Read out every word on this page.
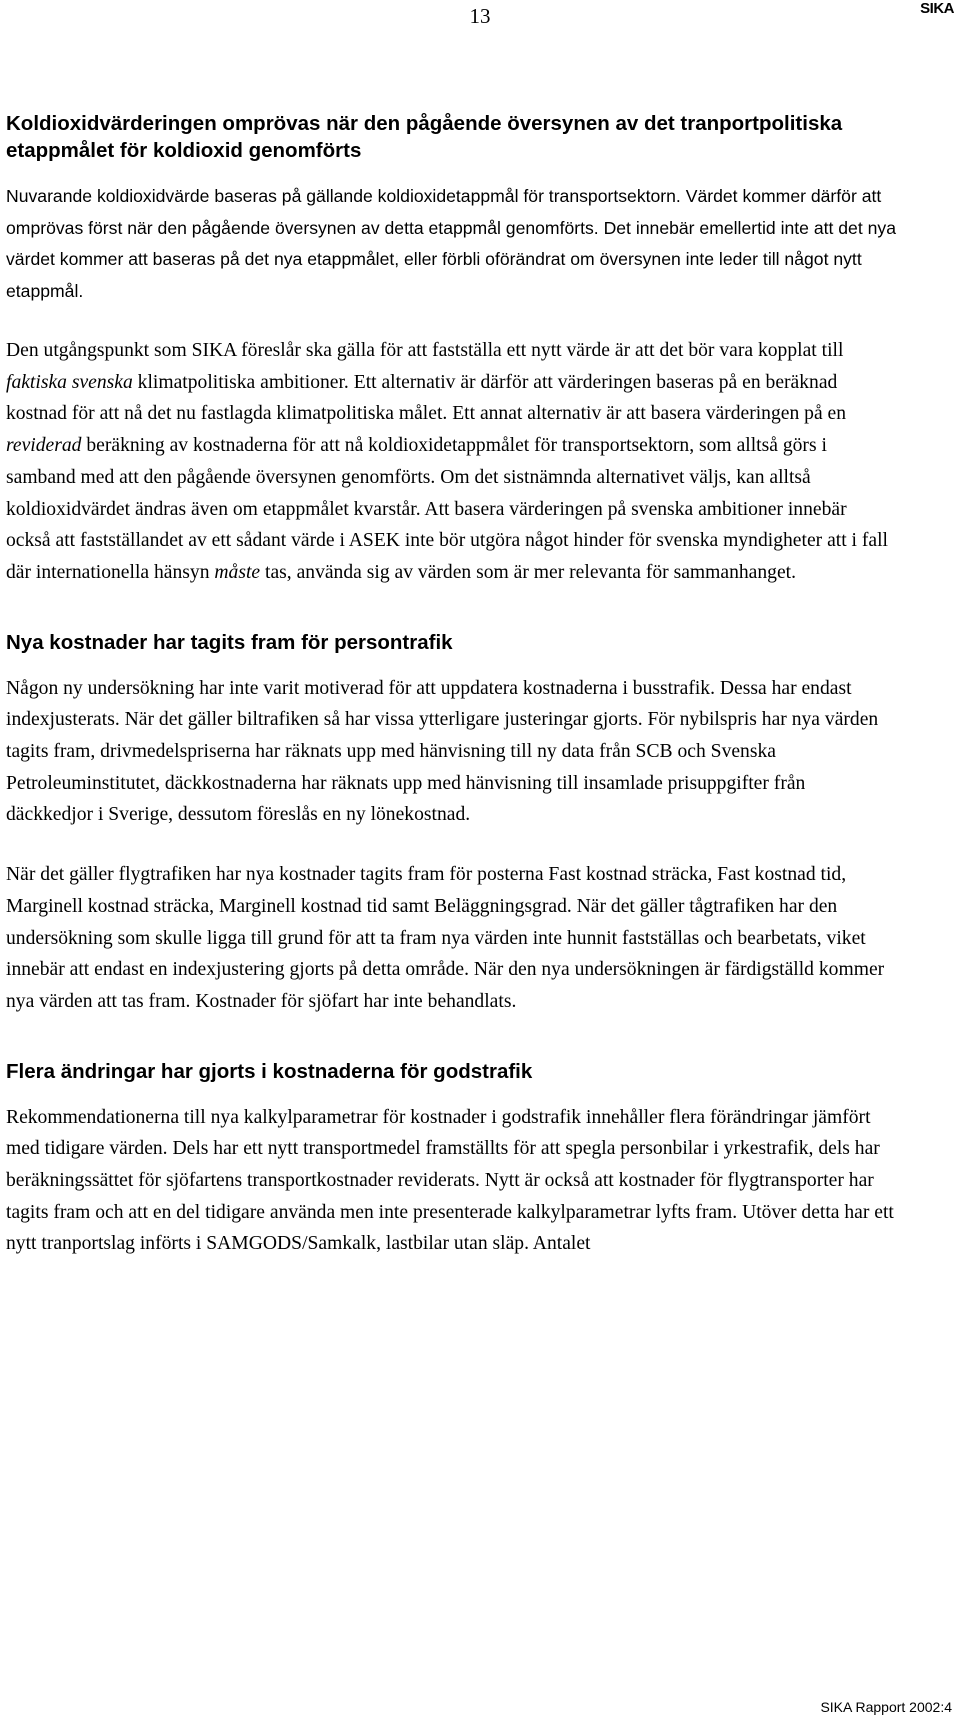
13	SIKA
Koldioxidvärderingen omprövas när den pågående översynen av det tranportpolitiska etappmålet för koldioxid genomförts

Nuvarande koldioxidvärde baseras på gällande koldioxidetappmål för transportsektorn. Värdet kommer därför att omprövas först när den pågående översynen av detta etappmål genomförts. Det innebär emellertid inte att det nya värdet kommer att baseras på det nya etappmålet, eller förbli oförändrat om översynen inte leder till något nytt etappmål.

Den utgångspunkt som SIKA föreslår ska gälla för att fastställa ett nytt värde är att det bör vara kopplat till faktiska svenska klimatpolitiska ambitioner. Ett alternativ är därför att värderingen baseras på en beräknad kostnad för att nå det nu fastlagda klimatpolitiska målet. Ett annat alternativ är att basera värderingen på en reviderad beräkning av kostnaderna för att nå koldioxidetappmålet för transportsektorn, som alltså görs i samband med att den pågående översynen genomförts. Om det sistnämnda alternativet väljs, kan alltså koldioxidvärdet ändras även om etappmålet kvarstår. Att basera värderingen på svenska ambitioner innebär också att fastställandet av ett sådant värde i ASEK inte bör utgöra något hinder för svenska myndigheter att i fall där internationella hänsyn måste tas, använda sig av värden som är mer relevanta för sammanhanget.

Nya kostnader har tagits fram för persontrafik

Någon ny undersökning har inte varit motiverad för att uppdatera kostnaderna i busstrafik. Dessa har endast indexjusterats. När det gäller biltrafiken så har vissa ytterligare justeringar gjorts. För nybilspris har nya värden tagits fram, drivmedelspriserna har räknats upp med hänvisning till ny data från SCB och Svenska Petroleuminstitutet, däckkostnaderna har räknats upp med hänvisning till insamlade prisuppgifter från däckkedjor i Sverige, dessutom föreslås en ny lönekostnad.

När det gäller flygtrafiken har nya kostnader tagits fram för posterna Fast kostnad sträcka, Fast kostnad tid, Marginell kostnad sträcka, Marginell kostnad tid samt Beläggningsgrad. När det gäller tågtrafiken har den undersökning som skulle ligga till grund för att ta fram nya värden inte hunnit fastställas och bearbetats, viket innebär att endast en indexjustering gjorts på detta område. När den nya undersökningen är färdigställd kommer nya värden att tas fram. Kostnader för sjöfart har inte behandlats.

Flera ändringar har gjorts i kostnaderna för godstrafik

Rekommendationerna till nya kalkylparametrar för kostnader i godstrafik innehåller flera förändringar jämfört med tidigare värden. Dels har ett nytt transportmedel framställts för att spegla personbilar i yrkestrafik, dels har beräkningssättet för sjöfartens transportkostnader reviderats. Nytt är också att kostnader för flygtransporter har tagits fram och att en del tidigare använda men inte presenterade kalkylparametrar lyfts fram. Utöver detta har ett nytt tranportslag införts i SAMGODS/Samkalk, lastbilar utan släp. Antalet

SIKA Rapport 2002:4
